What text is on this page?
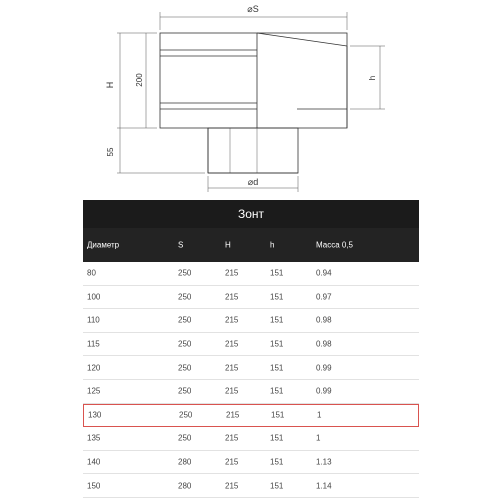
⌀S
H	200
55
h
⌀d
Зонт
Диаметр	S	H	h	Масса 0,5
80	250	215	151	0.94
100	250	215	151	0.97
110	250	215	151	0.98
115	250	215	151	0.98
120	250	215	151	0.99
125	250	215	151	0.99
130	250	215	151	1
135	250	215	151	1
140	280	215	151	1.13
150	280	215	151	1.14
